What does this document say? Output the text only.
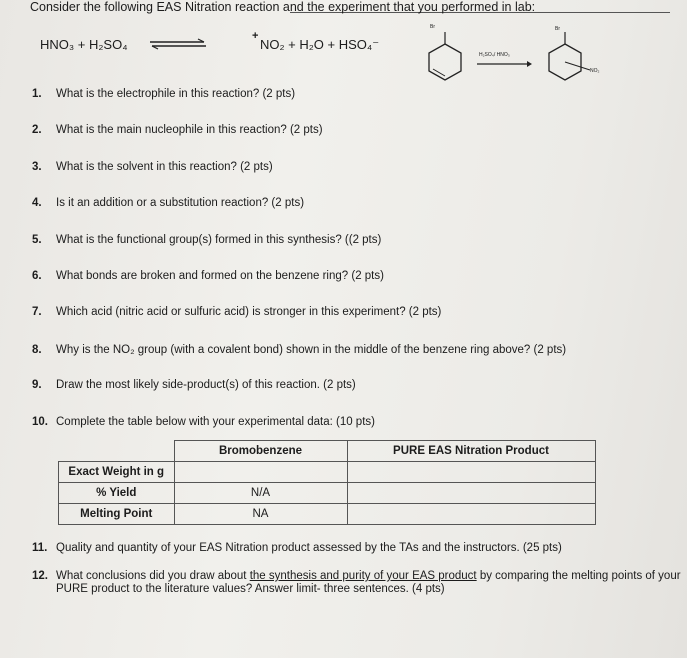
Consider the following EAS Nitration reaction and the experiment that you performed in lab:
HNO₃ + H₂SO₄ ⇌
+
NO₂ + H₂O + HSO₄⁻
Br
H₂SO₄/ HNO₃
Br
NO₂
1. What is the electrophile in this reaction? (2 pts)
2. What is the main nucleophile in this reaction? (2 pts)
3. What is the solvent in this reaction? (2 pts)
4. Is it an addition or a substitution reaction? (2 pts)
5. What is the functional group(s) formed in this synthesis? ((2 pts)
6. What bonds are broken and formed on the benzene ring? (2 pts)
7. Which acid (nitric acid or sulfuric acid) is stronger in this experiment? (2 pts)
8. Why is the NO₂ group (with a covalent bond) shown in the middle of the benzene ring above? (2 pts)
9. Draw the most likely side-product(s) of this reaction. (2 pts)
10. Complete the table below with your experimental data: (10 pts)
	Bromobenzene	PURE EAS Nitration Product
Exact Weight in g		
% Yield	N/A	
Melting Point	NA	
11. Quality and quantity of your EAS Nitration product assessed by the TAs and the instructors. (25 pts)
12. What conclusions did you draw about the synthesis and purity of your EAS product by comparing the melting points of your
PURE product to the literature values? Answer limit- three sentences. (4 pts)
